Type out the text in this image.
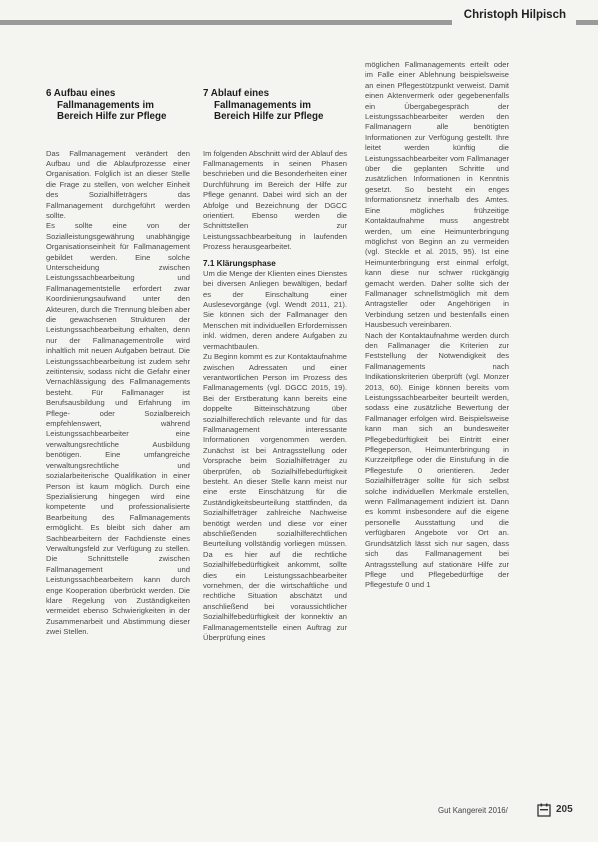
Christoph Hilpisch
6 Aufbau eines Fallmanagements im Bereich Hilfe zur Pflege

Das Fallmanagement verändert den Aufbau und die Ablaufprozesse einer Organisation. Folglich ist an dieser Stelle die Frage zu stellen, von welcher Einheit des Sozialhilfeträgers das Fallmanagement durchgeführt werden sollte.

Es sollte eine von der Sozialleistungsgewährung unabhängige Organisationseinheit für Fallmanagement gebildet werden. Eine solche Unterscheidung zwischen Leistungssachbearbeitung und Fallmanagementstelle erfordert zwar Koordinierungsaufwand unter den Akteuren, durch die Trennung bleiben aber die gewachsenen Strukturen der Leistungssachbearbeitung erhalten, denn nur der Fallmanagementrolle wird inhaltlich mit neuen Aufgaben betraut. Die Leistungssachbearbeitung ist zudem sehr zeitintensiv, sodass nicht die Gefahr einer Vernachlässigung des Fallmanagements besteht. Für Fallmanager ist Berufsausbildung und Erfahrung im Pflege- oder Sozialbereich empfehlenswert, während Leistungssachbearbeiter eine verwaltungsrechtliche Ausbildung benötigen. Eine umfangreiche verwaltungsrechtliche und sozialarbeiterische Qualifikation in einer Person ist kaum möglich. Durch eine Spezialisierung hingegen wird eine kompetente und professionalisierte Bearbeitung des Fallmanagements ermöglicht. Es bleibt sich daher am Sachbearbeitern der Fachdienste eines Verwaltungsfeld zur Verfügung zu stellen. Die Schnittstelle zwischen Fallmanagement und Leistungssachbearbeitern kann durch enge Kooperation überbrückt werden. Die klare Regelung von Zuständigkeiten vermeidet ebenso Schwierigkeiten in der Zusammenarbeit und Abstimmung dieser zwei Stellen.

7 Ablauf eines Fallmanagements im Bereich Hilfe zur Pflege

Im folgenden Abschnitt wird der Ablauf des Fallmanagements in seinen Phasen beschrieben und die Besonderheiten einer Durchführung im Bereich der Hilfe zur Pflege genannt. Dabei wird sich an der Abfolge und Bezeichnung der DGCC orientiert. Ebenso werden die Schnittstellen zur Leistungssachbearbeitung in laufenden Prozess herausgearbeitet.

7.1 Klärungsphase

Um die Menge der Klienten eines Dienstes bei diversen Anliegen bewältigen, bedarf es der Einschaltung einer Auslesevorgänge (vgl. Wendt 2011, 21). Sie können sich der Fallmanager den Menschen mit individuellen Erfordernissen inkl. widmen, deren andere Aufgaben zu vermachtbaulen.

Zu Beginn kommt es zur Kontaktaufnahme zwischen Adressaten und einer verantwortlichen Person im Prozess des Fallmanagements (vgl. DGCC 2015, 19). Bei der Erstberatung kann bereits eine doppelte Bitteinschätzung über sozialhilferechtlich relevante und für das Fallmanagement interessante Informationen vorgenommen werden. Zunächst ist bei Antragsstellung oder Vorsprache beim Sozialhilfeträger zu überprüfen, ob Sozialhilfebedürftigkeit besteht. An dieser Stelle kann meist nur eine erste Einschätzung für die Zuständigkeitsbeurteilung stattfinden, da Sozialhilfeträger zahlreiche Nachweise benötigt werden und diese vor einer abschließenden sozialhilferechtlichen Beurteilung vollständig vorliegen müssen. Da es hier auf die rechtliche Sozialhilfebedürftigkeit ankommt, sollte dies ein Leistungssachbearbeiter vornehmen, der die wirtschaftliche und rechtliche Situation abschätzt und anschließend bei voraussichtlicher Sozialhilfebedürftigkeit der konnektiv an Fallmanagementstelle einen Auftrag zur Überprüfung eines

möglichen Fallmanagements erteilt oder im Falle einer Ablehnung beispielsweise an einen Pflegestützpunkt verweist. Damit einen Aktenvermerk oder gegebenenfalls ein Übergabegespräch der Leistungssachbearbeiter werden den Fallmanagern alle benötigten Informationen zur Verfügung gestellt. Ihre leitet werden künftig die Leistungssachbearbeiter vom Fallmanager über die geplanten Schritte und zusätzlichen Informationen in Kenntnis gesetzt. So besteht ein enges Informationsnetz innerhalb des Amtes. Eine mögliches frühzeitige Kontaktaufnahme muss angestrebt werden, um eine Heimunterbringung möglichst von Beginn an zu vermeiden (vgl. Steckle et al. 2015, 95). Ist eine Heimunterbringung erst einmal erfolgt, kann diese nur schwer rückgängig gemacht werden. Daher sollte sich der Fallmanager schnellstmöglich mit dem Antragsteller oder Angehörigen in Verbindung setzen und bestenfalls einen Hausbesuch vereinbaren.

Nach der Kontaktaufnahme werden durch den Fallmanager die Kriterien zur Feststellung der Notwendigkeit des Fallmanagements nach Indikationskriterien überprüft (vgl. Monzer 2013, 60). Einige können bereits vom Leistungssachbearbeiter beurteilt werden, sodass eine zusätzliche Bewertung der Fallmanager erfolgen wird. Beispielsweise kann man sich an bundesweiter Pflegebedürftigkeit bei Eintritt einer Pflegeperson, Heimunterbringung in Kurzzeitpflege oder die Einstufung in die Pflegestufe 0 orientieren. Jeder Sozialhilfeträger sollte für sich selbst solche individuellen Merkmale erstellen, wenn Fallmanagement indiziert ist. Dann es kommt insbesondere auf die eigene personelle Ausstattung und die verfügbaren Angebote vor Ort an. Grundsätzlich lässt sich nur sagen, dass sich das Fallmanagement bei Antragsstellung auf stationäre Hilfe zur Pflege und Pflegebedürftige der Pflegestufe 0 und 1

Gut Kangereit 2016/	205
